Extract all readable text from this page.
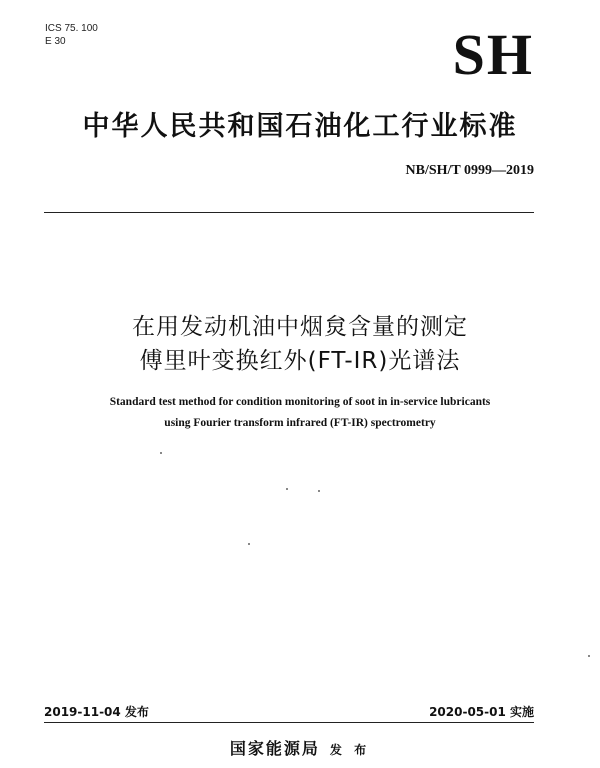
ICS 75. 100
E 30	SH
中华人民共和国石油化工行业标准
NB/SH/T 0999—2019
在用发动机油中烟炱含量的测定
傅里叶变换红外(FT-IR)光谱法
Standard test method for condition monitoring of soot in in-service lubricants
using Fourier transform infrared (FT-IR) spectrometry
2019-11-04 发布	2020-05-01 实施
国家能源局 发 布
